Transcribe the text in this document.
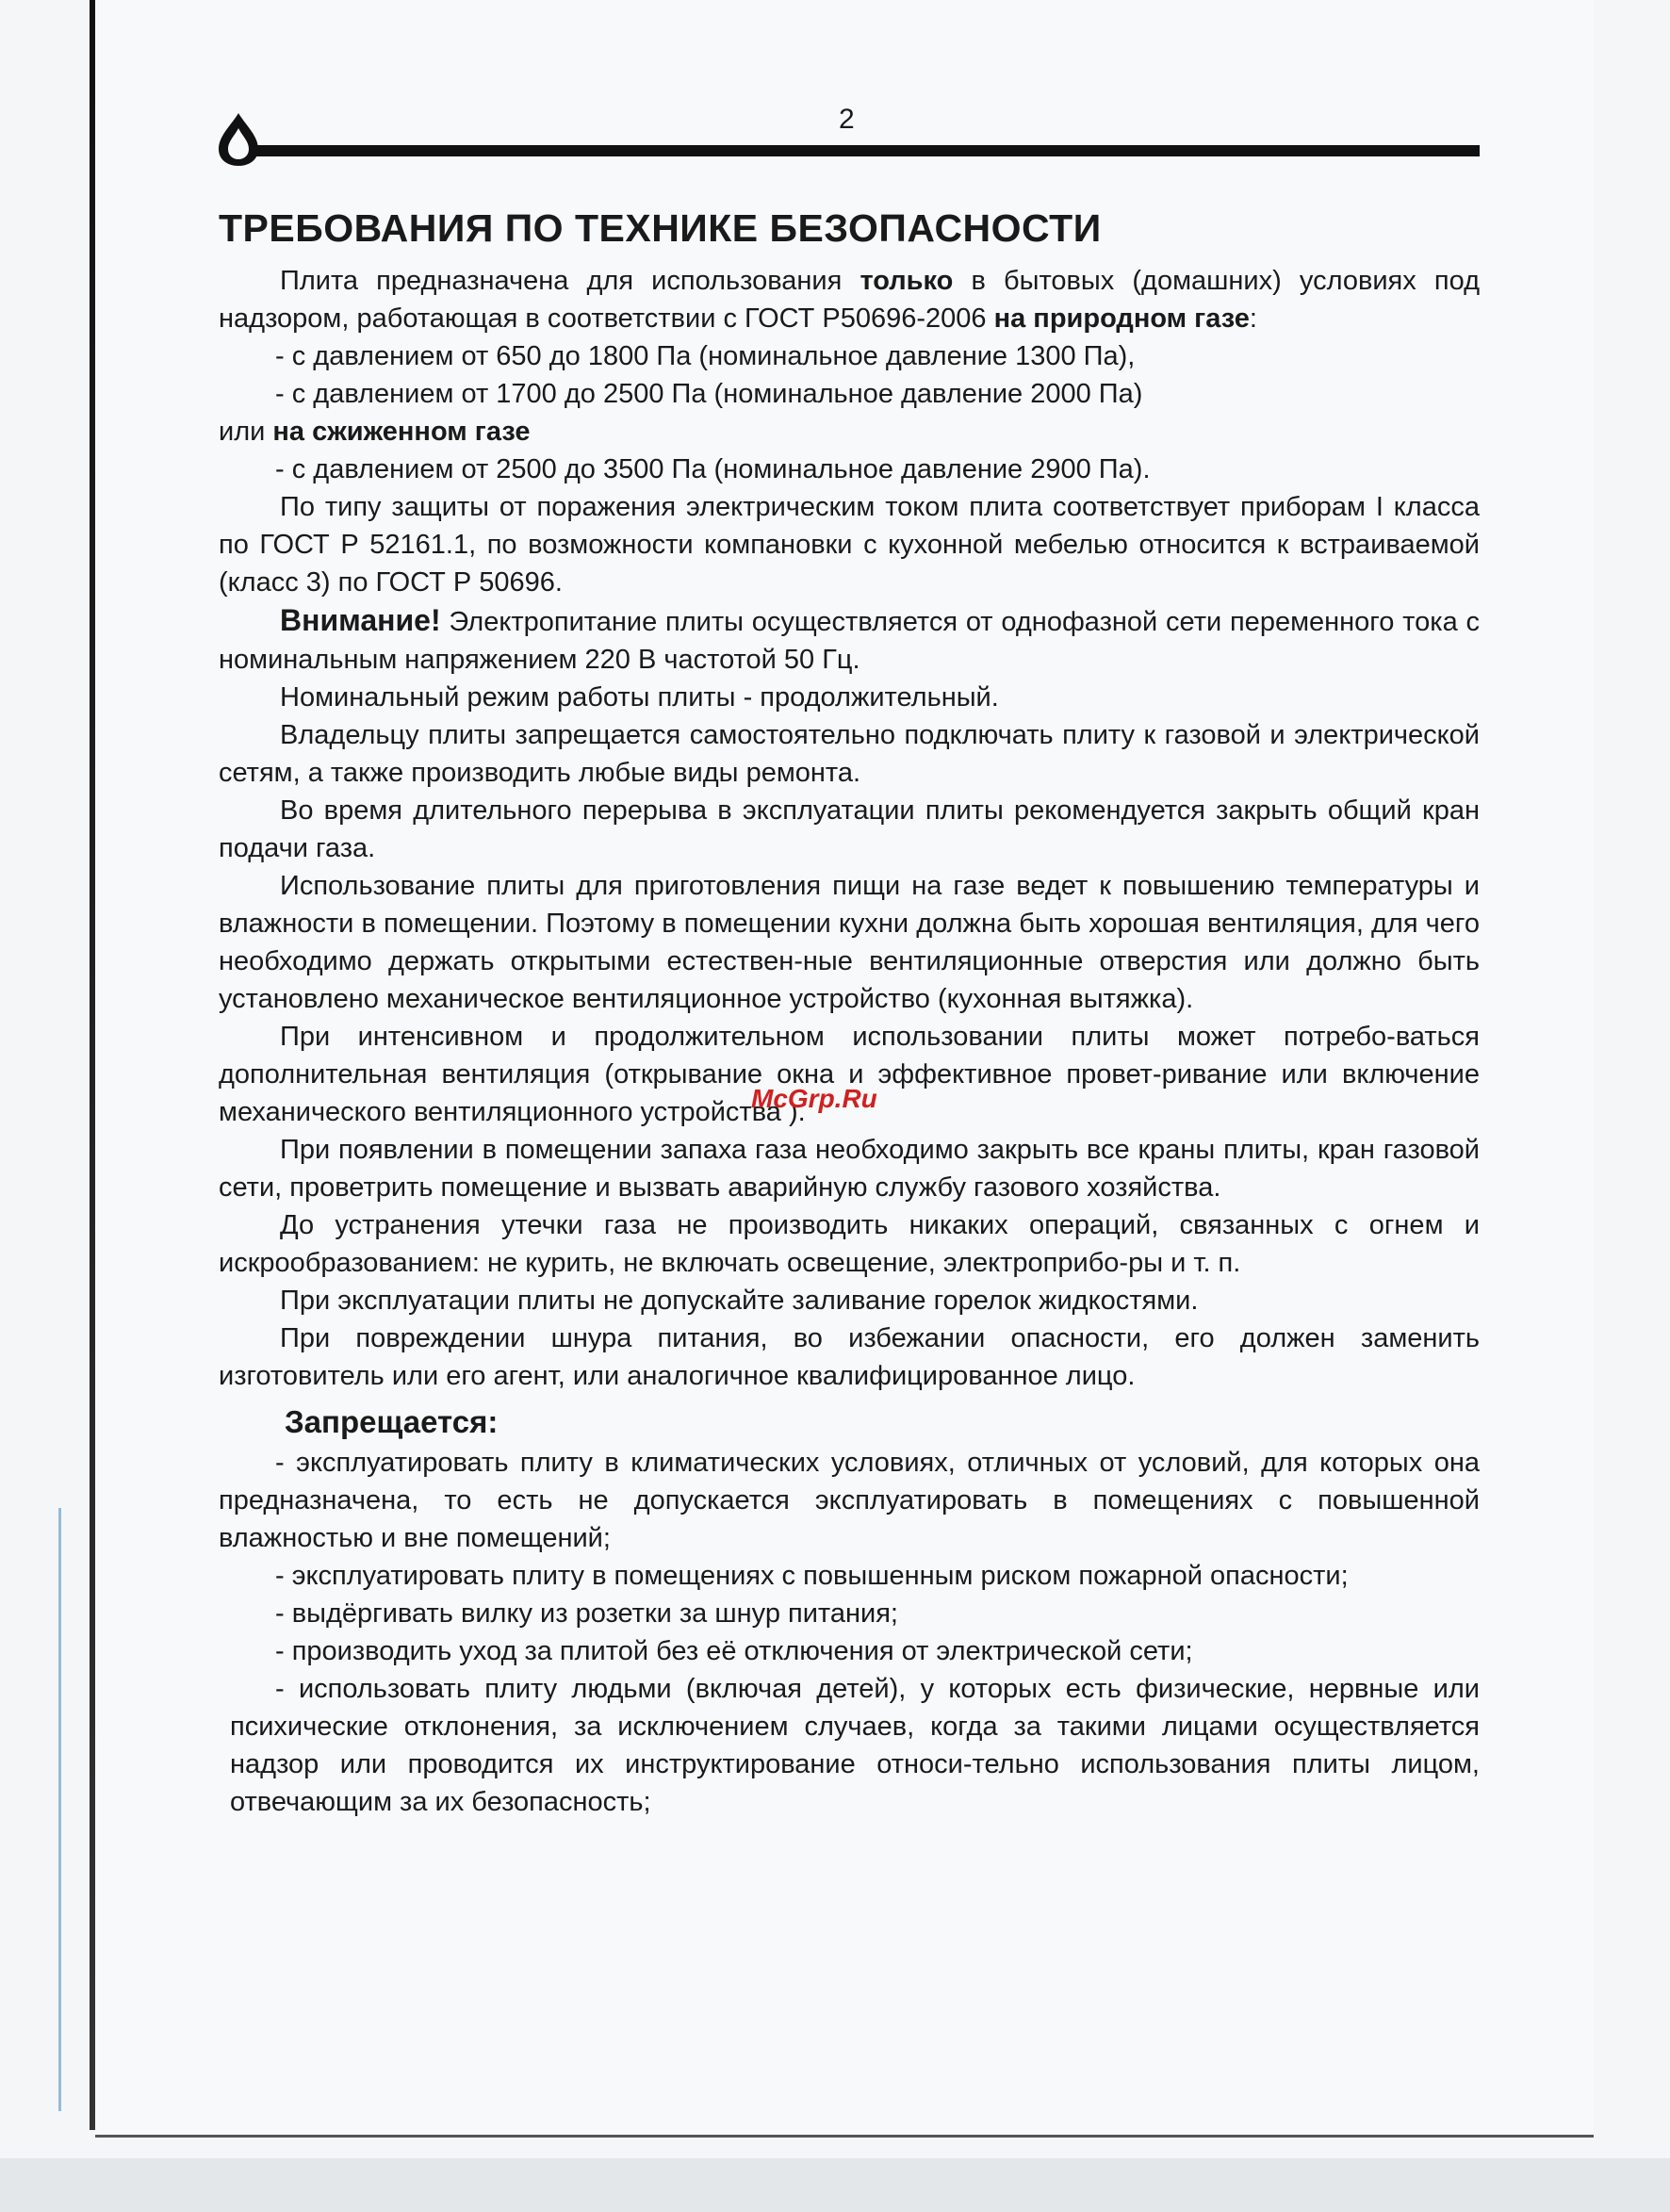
2
ТРЕБОВАНИЯ ПО ТЕХНИКЕ БЕЗОПАСНОСТИ

Плита предназначена для использования только в бытовых (домашних) условиях под надзором, работающая в соответствии с ГОСТ Р50696-2006 на природном газе:

- с давлением от 650 до 1800 Па (номинальное давление 1300 Па),

- с давлением от 1700 до 2500 Па (номинальное давление 2000 Па)

или на сжиженном газе

- с давлением от 2500 до 3500 Па (номинальное давление 2900 Па).

По типу защиты от поражения электрическим током плита соответствует приборам I класса по ГОСТ Р 52161.1, по возможности компановки с кухонной мебелью относится к встраиваемой (класс 3) по ГОСТ Р 50696.

Внимание! Электропитание плиты осуществляется от однофазной сети переменного тока с номинальным напряжением 220 В частотой 50 Гц.

Номинальный режим работы плиты - продолжительный.

Владельцу плиты запрещается самостоятельно подключать плиту к газовой и электрической сетям, а также производить любые виды ремонта.

Во время длительного перерыва в эксплуатации плиты рекомендуется закрыть общий кран подачи газа.

Использование плиты для приготовления пищи на газе ведет к повышению температуры и влажности в помещении. Поэтому в помещении кухни должна быть хорошая вентиляция, для чего необходимо держать открытыми естествен-ные вентиляционные отверстия или должно быть установлено механическое вентиляционное устройство (кухонная вытяжка).

При интенсивном и продолжительном использовании плиты может потребо-ваться дополнительная вентиляция (открывание окна и эффективное провет-ривание или включение механического вентиляционного устройства ).

При появлении в помещении запаха газа необходимо закрыть все краны плиты, кран газовой сети, проветрить помещение и вызвать аварийную службу газового хозяйства.

До устранения утечки газа не производить никаких операций, связанных с огнем и искрообразованием: не курить, не включать освещение, электроприбо-ры и т. п.

При эксплуатации плиты не допускайте заливание горелок жидкостями.

При повреждении шнура питания, во избежании опасности, его должен заменить изготовитель или его агент, или аналогичное квалифицированное лицо.

Запрещается:

- эксплуатировать плиту в климатических условиях, отличных от условий, для которых она предназначена, то есть не допускается эксплуатировать в помещениях с повышенной влажностью и вне помещений;

- эксплуатировать плиту в помещениях с повышенным риском пожарной опасности;

- выдёргивать вилку из розетки за шнур питания;

- производить уход за плитой без её отключения от электрической сети;

- использовать плиту людьми (включая детей), у которых есть физические, нервные или психические отклонения, за исключением случаев, когда за такими лицами осуществляется надзор или проводится их инструктирование относи-тельно использования плиты лицом, отвечающим за их безопасность;

McGrp.Ru
